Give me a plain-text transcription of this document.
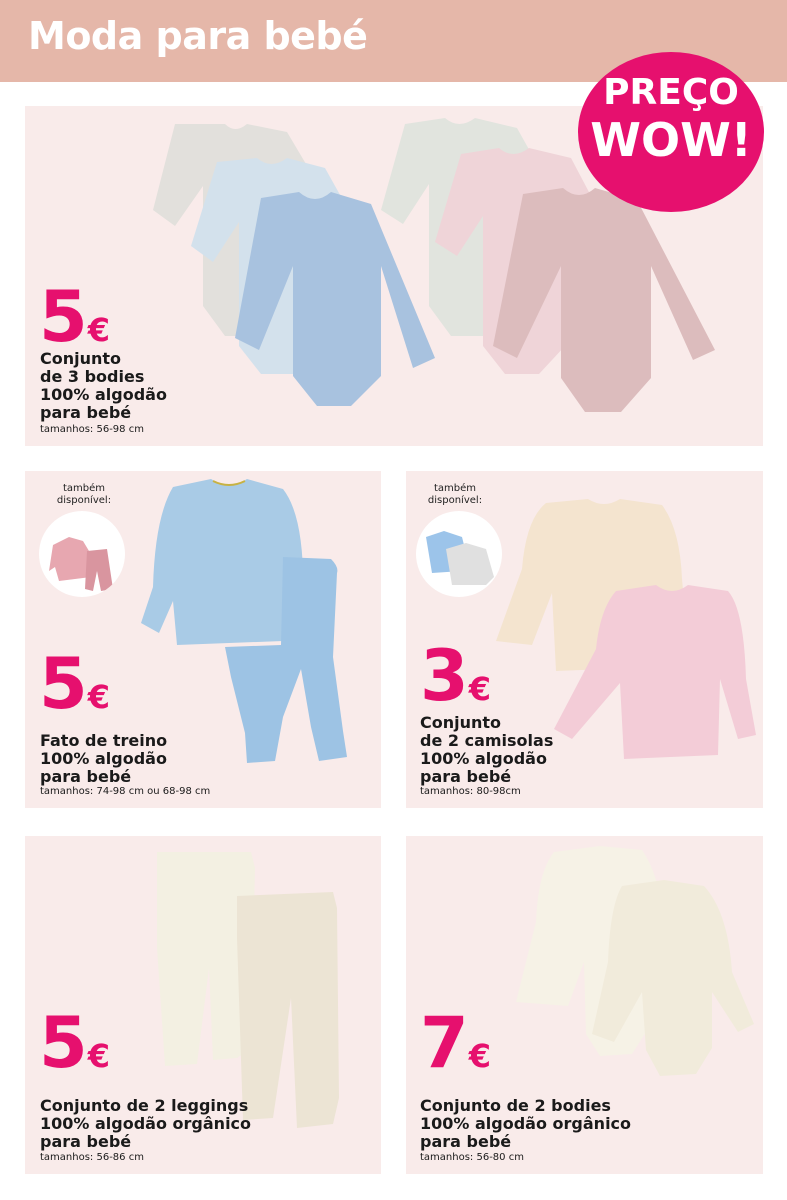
Moda para bebé
PREÇO
WOW!
5€
Conjunto
de 3 bodies
100% algodão
para bebé
tamanhos: 56-98 cm
também disponível:
5€
Fato de treino
100% algodão
para bebé
tamanhos: 74-98 cm ou 68-98 cm
também disponível:
3€
Conjunto
de 2 camisolas
100% algodão
para bebé
tamanhos: 80-98cm
5€
Conjunto de 2 leggings
100% algodão orgânico
para bebé
tamanhos: 56-86 cm
7€
Conjunto de 2 bodies
100% algodão orgânico
para bebé
tamanhos: 56-80 cm
